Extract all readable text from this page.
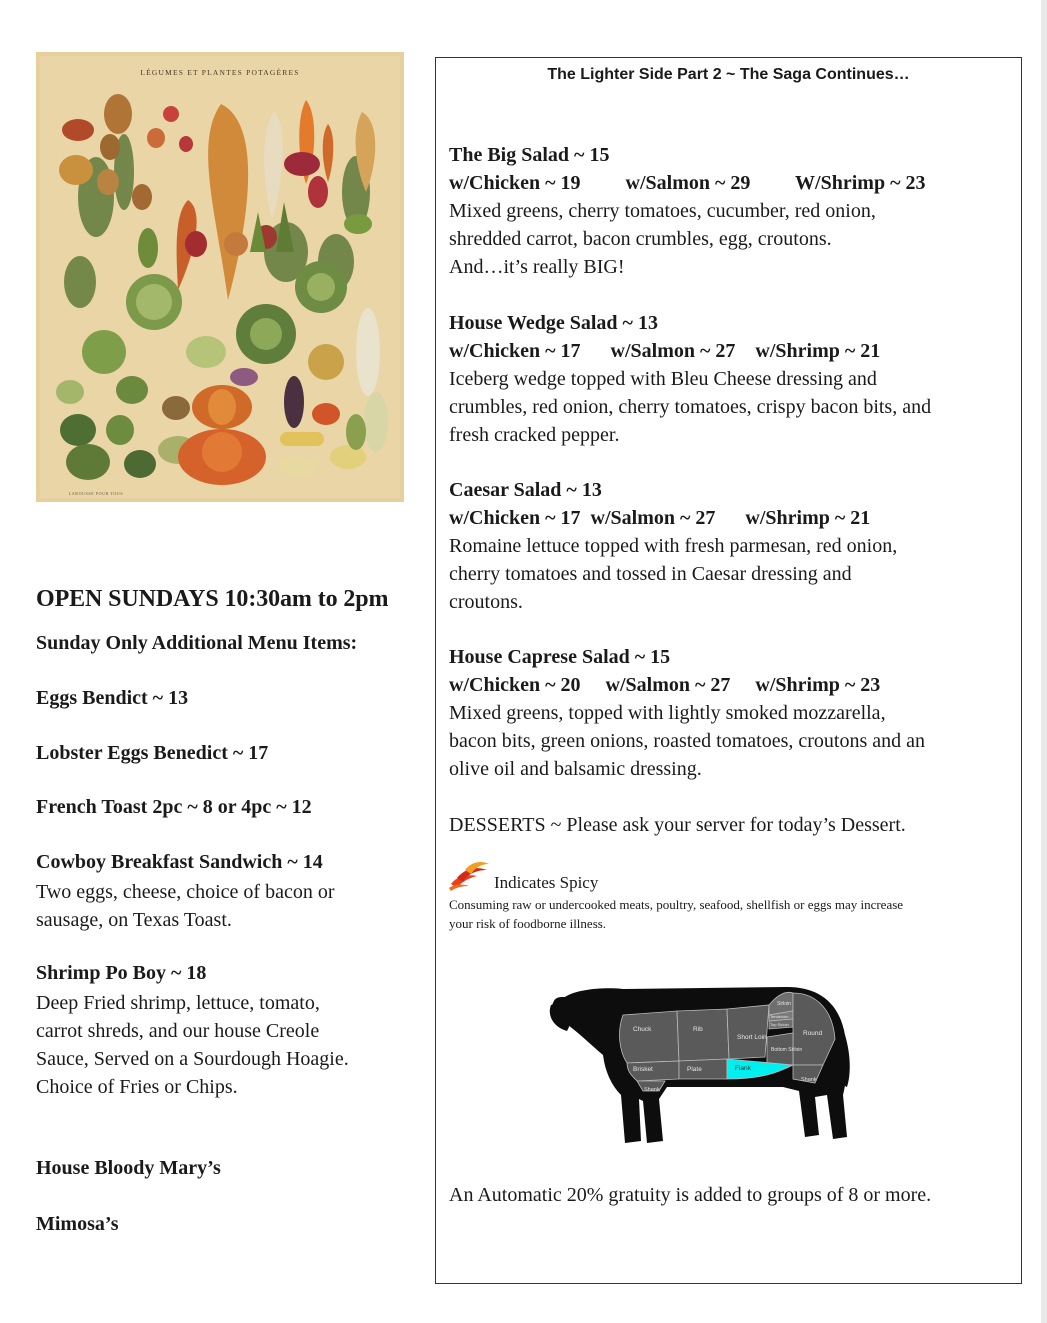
LÉGUMES ET PLANTES POTAGÈRES
LAROUSSE POUR TOUS
OPEN SUNDAYS 10:30am to 2pm
Sunday Only Additional Menu Items:
Eggs Bendict ~ 13
Lobster Eggs Benedict ~ 17
French Toast 2pc ~ 8 or 4pc ~ 12
Cowboy Breakfast Sandwich ~ 14
Two eggs, cheese, choice of bacon or
sausage, on Texas Toast.
Shrimp Po Boy ~ 18
Deep Fried shrimp, lettuce, tomato,
carrot shreds, and our house Creole
Sauce, Served on a Sourdough Hoagie.
Choice of Fries or Chips.
House Bloody Mary’s
Mimosa’s
The Lighter Side Part 2 ~ The Saga Continues…
The Big Salad ~ 15
w/Chicken ~ 19 w/Salmon ~ 29 W/Shrimp ~ 23
Mixed greens, cherry tomatoes, cucumber, red onion,
shredded carrot, bacon crumbles, egg, croutons.
And…it’s really BIG!
House Wedge Salad ~ 13
w/Chicken ~ 17 w/Salmon ~ 27 w/Shrimp ~ 21
Iceberg wedge topped with Bleu Cheese dressing and
crumbles, red onion, cherry tomatoes, crispy bacon bits, and
fresh cracked pepper.
Caesar Salad ~ 13
w/Chicken ~ 17 w/Salmon ~ 27 w/Shrimp ~ 21
Romaine lettuce topped with fresh parmesan, red onion,
cherry tomatoes and tossed in Caesar dressing and
croutons.
House Caprese Salad ~ 15
w/Chicken ~ 20 w/Salmon ~ 27 w/Shrimp ~ 23
Mixed greens, topped with lightly smoked mozzarella,
bacon bits, green onions, roasted tomatoes, croutons and an
olive oil and balsamic dressing.
DESSERTS ~ Please ask your server for today’s Dessert.
Indicates Spicy
Consuming raw or undercooked meats, poultry, seafood, shellfish or eggs may increase
your risk of foodborne illness.
Chuck	Rib
Sirloin
Tenderloin
Top Sirloin
Round
Short Loin
Bottom Sirloin
Brisket	Plate	Flank
Shank
Shank
An Automatic 20% gratuity is added to groups of 8 or more.
